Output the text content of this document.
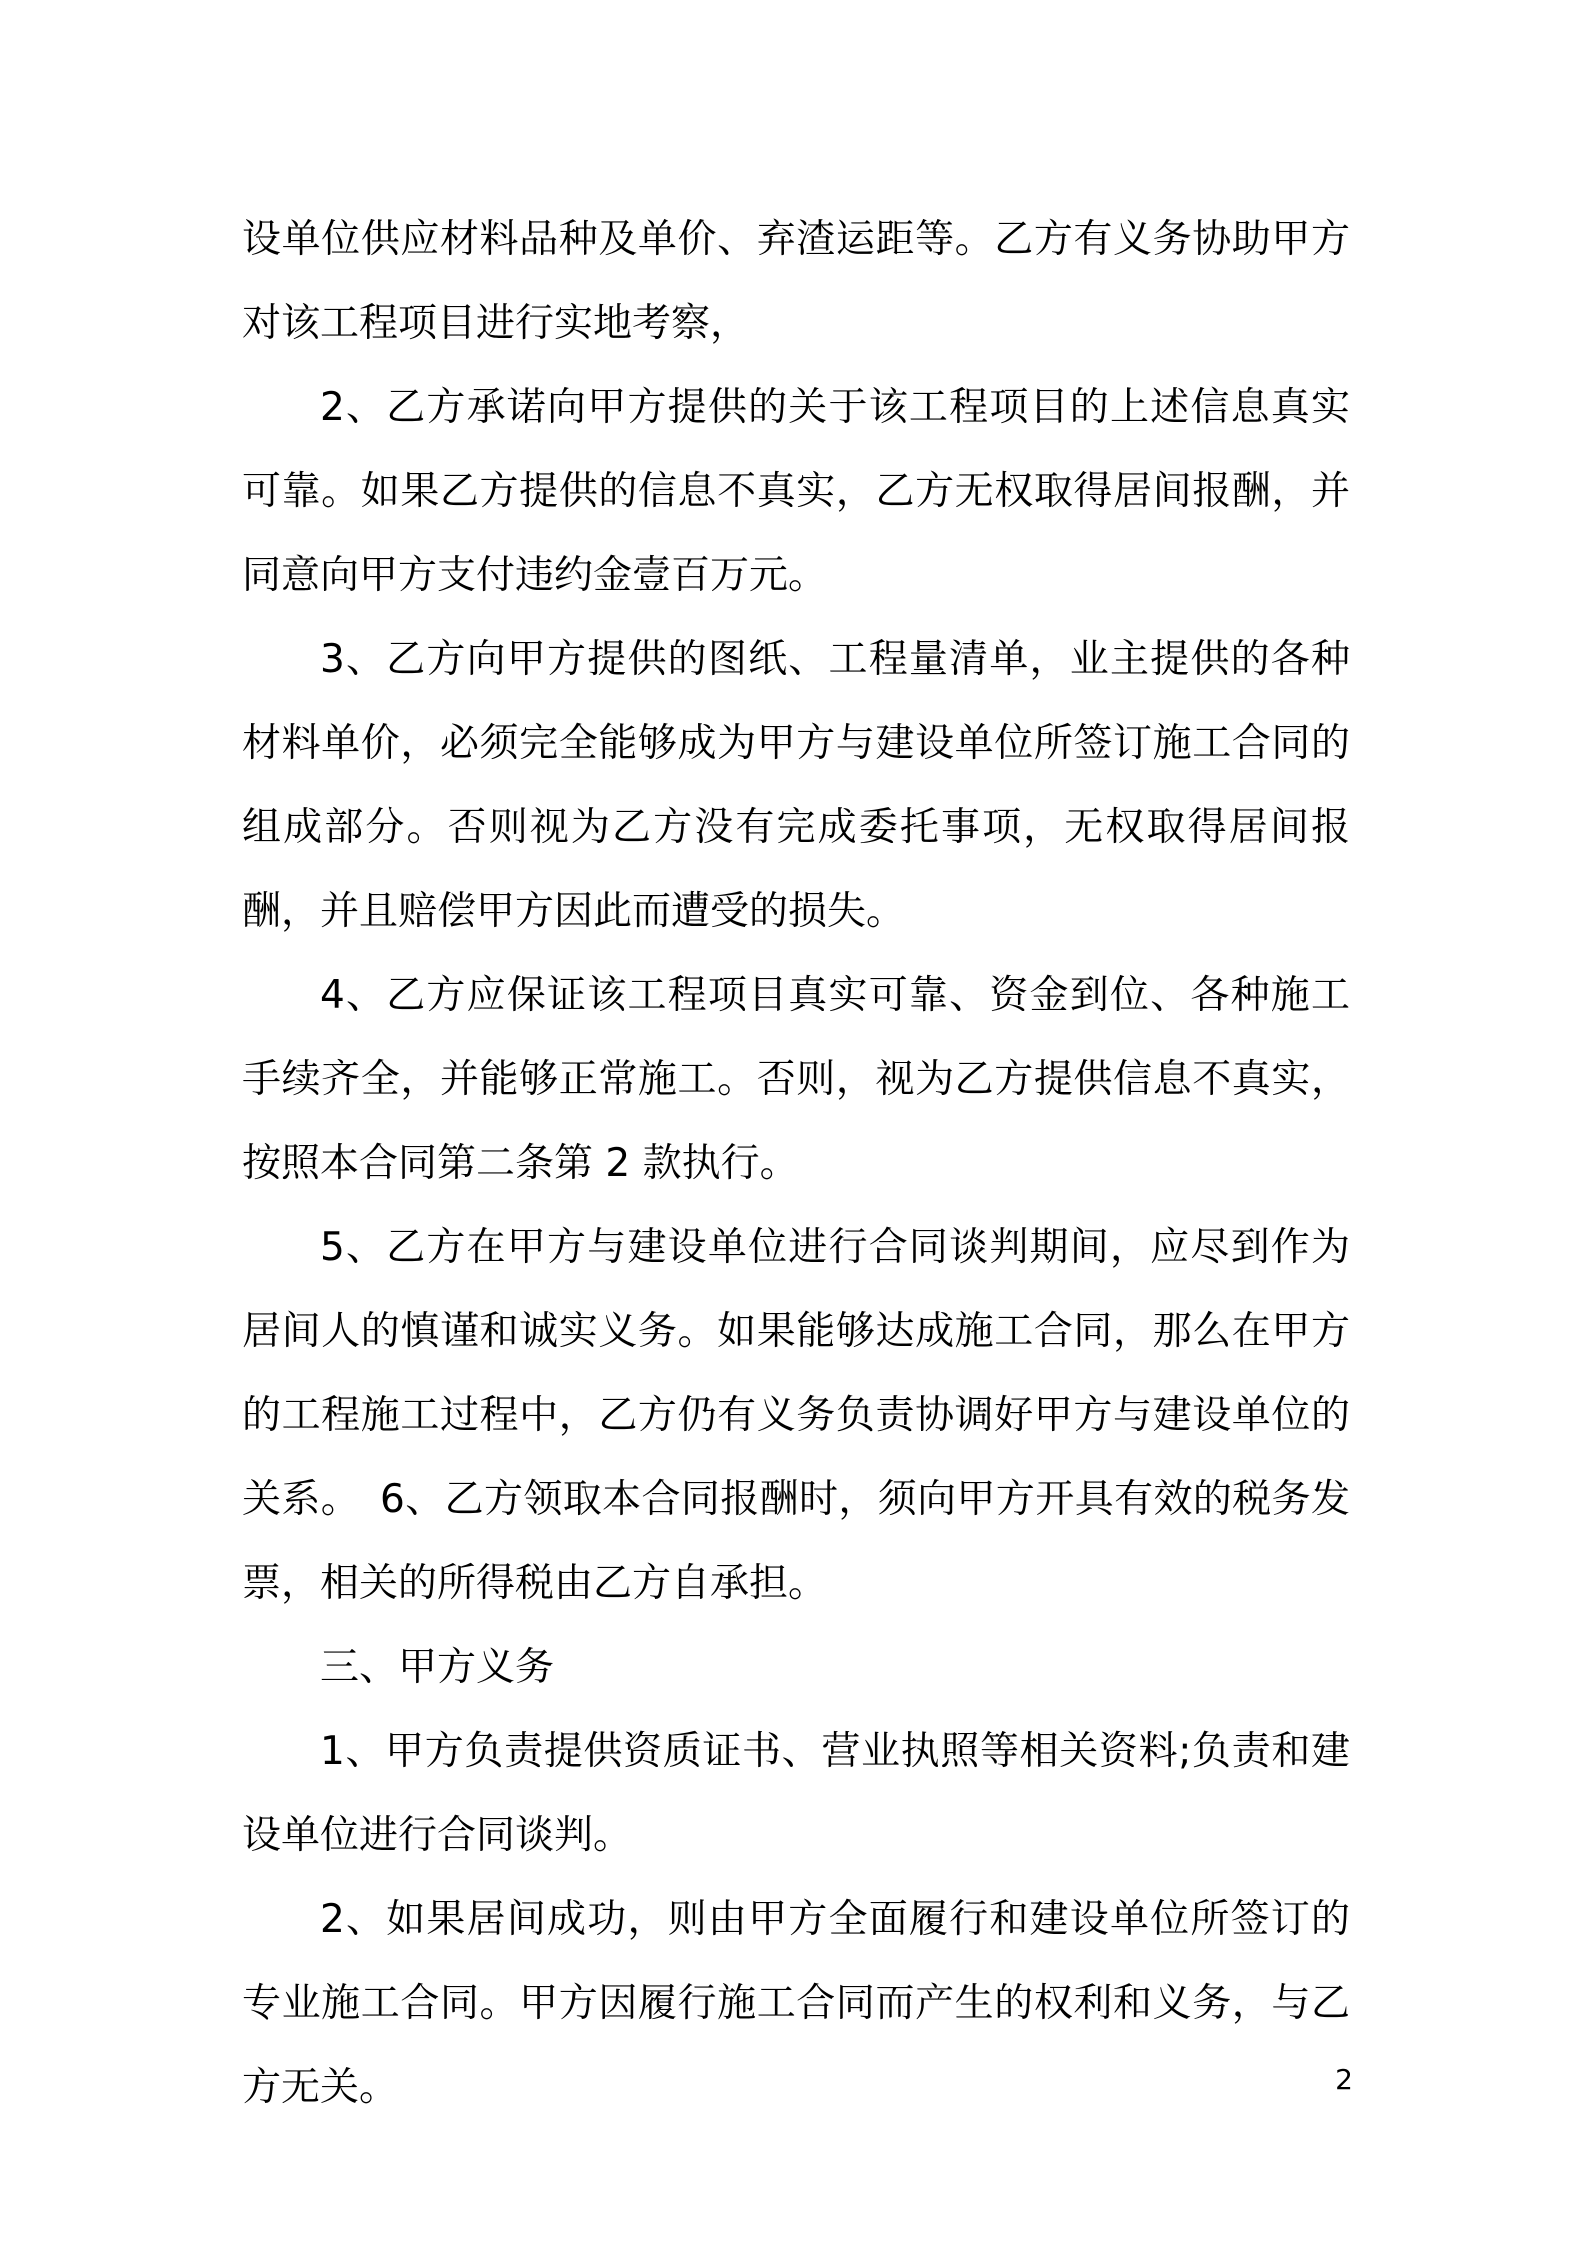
设单位供应材料品种及单价、弃渣运距等。乙方有义务协助甲方对该工程项目进行实地考察，

2、乙方承诺向甲方提供的关于该工程项目的上述信息真实可靠。如果乙方提供的信息不真实，乙方无权取得居间报酬，并同意向甲方支付违约金壹百万元。

3、乙方向甲方提供的图纸、工程量清单，业主提供的各种材料单价，必须完全能够成为甲方与建设单位所签订施工合同的组成部分。否则视为乙方没有完成委托事项，无权取得居间报酬，并且赔偿甲方因此而遭受的损失。

4、乙方应保证该工程项目真实可靠、资金到位、各种施工手续齐全，并能够正常施工。否则，视为乙方提供信息不真实，按照本合同第二条第 2 款执行。

5、乙方在甲方与建设单位进行合同谈判期间，应尽到作为居间人的慎谨和诚实义务。如果能够达成施工合同，那么在甲方的工程施工过程中，乙方仍有义务负责协调好甲方与建设单位的关系。　6、乙方领取本合同报酬时，须向甲方开具有效的税务发票，相关的所得税由乙方自承担。

三、甲方义务

1、甲方负责提供资质证书、营业执照等相关资料;负责和建设单位进行合同谈判。

2、如果居间成功，则由甲方全面履行和建设单位所签订的专业施工合同。甲方因履行施工合同而产生的权利和义务，与乙方无关。	2
